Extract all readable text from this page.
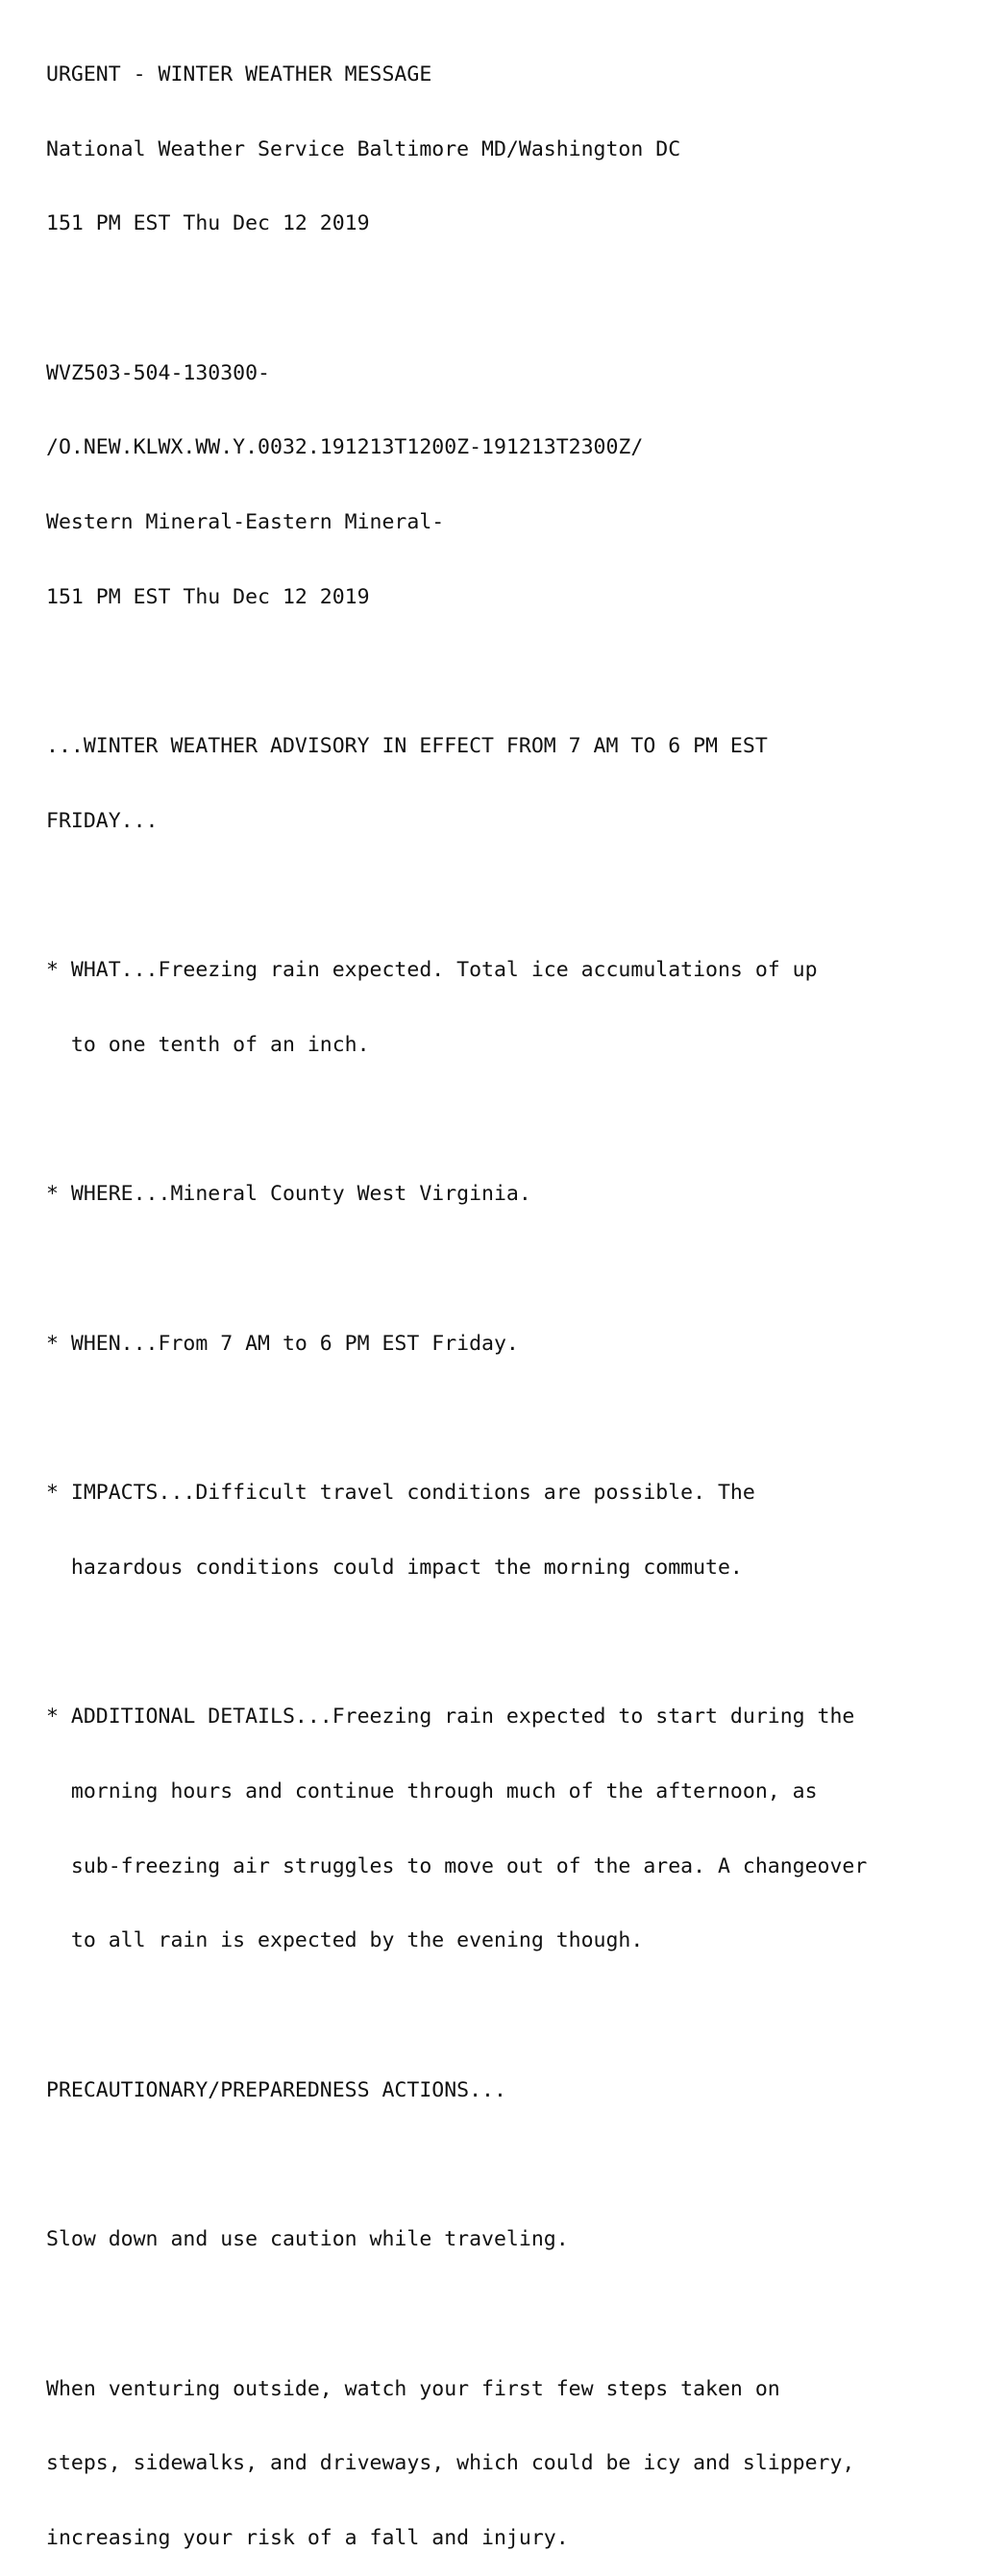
URGENT - WINTER WEATHER MESSAGE

National Weather Service Baltimore MD/Washington DC

151 PM EST Thu Dec 12 2019

WVZ503-504-130300-

/O.NEW.KLWX.WW.Y.0032.191213T1200Z-191213T2300Z/

Western Mineral-Eastern Mineral-

151 PM EST Thu Dec 12 2019

...WINTER WEATHER ADVISORY IN EFFECT FROM 7 AM TO 6 PM EST

FRIDAY...

* WHAT...Freezing rain expected. Total ice accumulations of up

to one tenth of an inch.

* WHERE...Mineral County West Virginia.

* WHEN...From 7 AM to 6 PM EST Friday.

* IMPACTS...Difficult travel conditions are possible. The

hazardous conditions could impact the morning commute.

* ADDITIONAL DETAILS...Freezing rain expected to start during the

morning hours and continue through much of the afternoon, as

sub-freezing air struggles to move out of the area. A changeover

to all rain is expected by the evening though.

PRECAUTIONARY/PREPAREDNESS ACTIONS...

Slow down and use caution while traveling.

When venturing outside, watch your first few steps taken on

steps, sidewalks, and driveways, which could be icy and slippery,

increasing your risk of a fall and injury.
